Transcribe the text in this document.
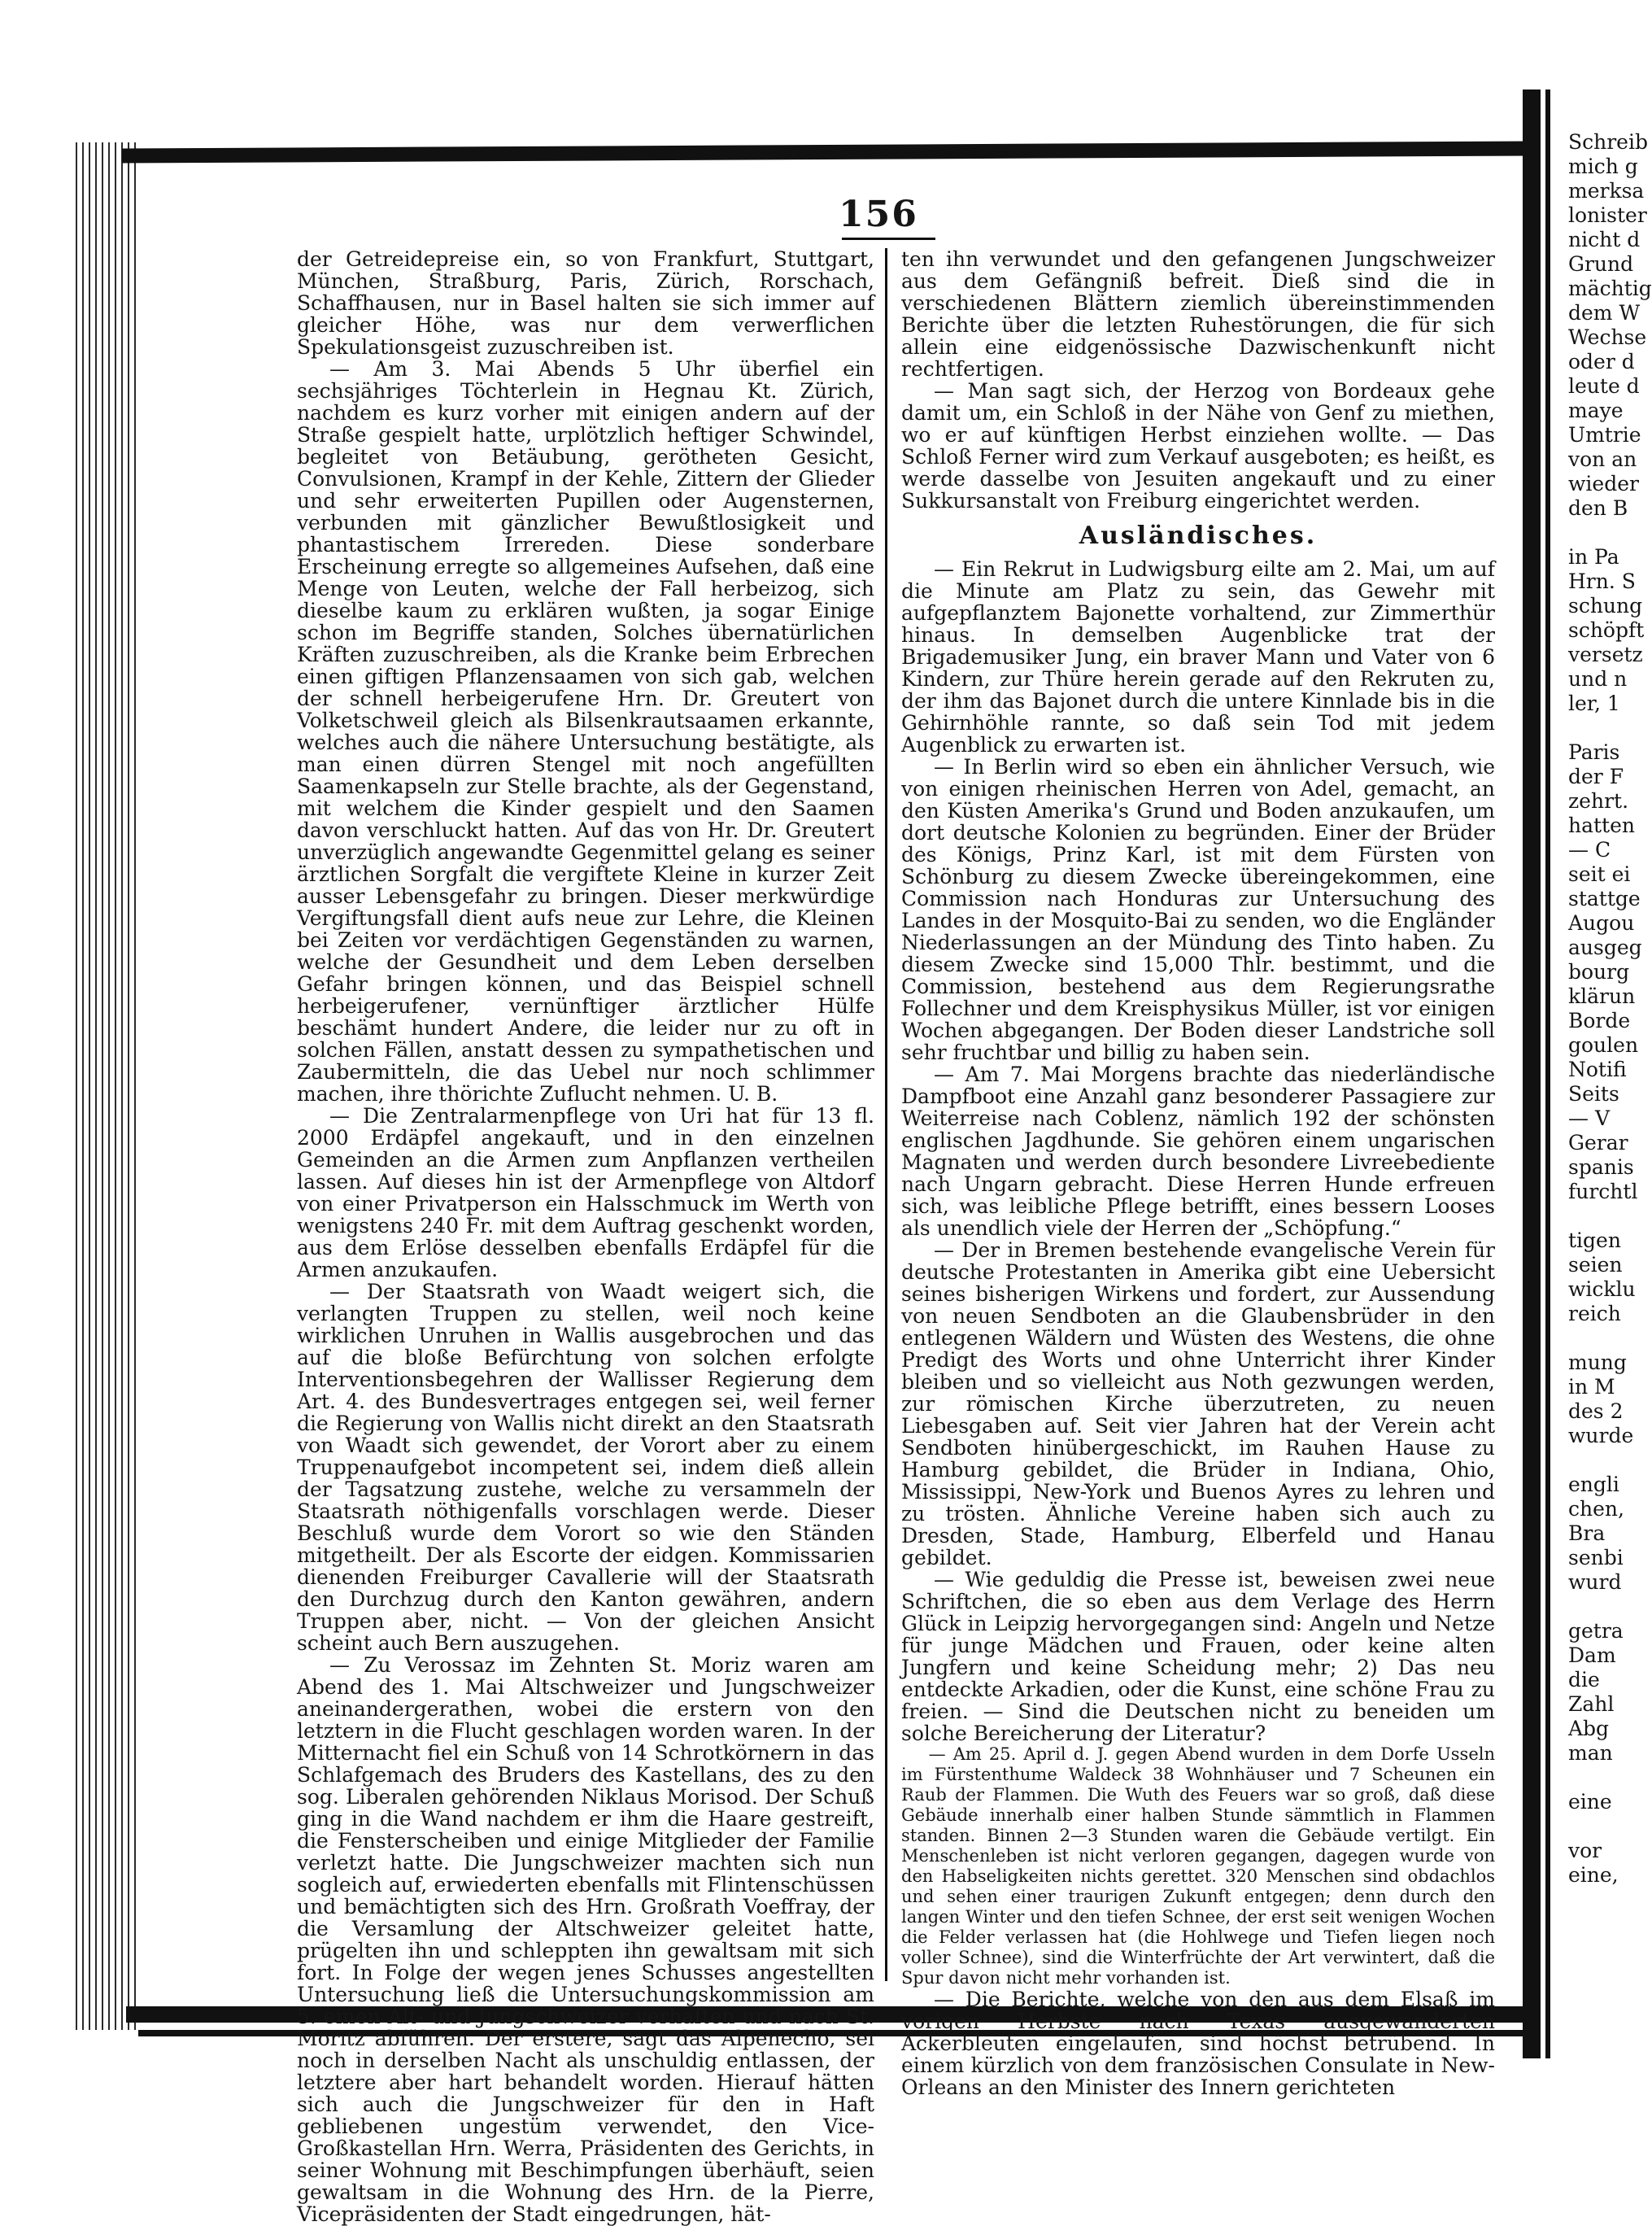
Schreib
mich g
merksa
lonister
nicht d
Grund
mächtig
dem W
Wechse
oder d
leute d
maye
Umtrie
von an
wieder
den B

in Pa
Hrn. S
schung
schöpft
versetz
und n
ler, 1

Paris
der F
zehrt.
hatten
— C
seit ei
stattge
Augou
ausgeg
bourg
klärun
Borde
goulen
Notifi
Seits
— V
Gerar
spanis
furchtl

tigen
seien
wicklu
reich

mung
in M
des 2
wurde

engli
chen,
Bra
senbi
wurd

getra
Dam
die
Zahl
Abg
man

eine

vor
eine,
156

der Getreidepreise ein, so von Frankfurt, Stuttgart, München, Straßburg, Paris, Zürich, Rorschach, Schaffhausen, nur in Basel halten sie sich immer auf gleicher Höhe, was nur dem verwerflichen Spekulationsgeist zuzuschreiben ist.

— Am 3. Mai Abends 5 Uhr überfiel ein sechsjähriges Töchterlein in Hegnau Kt. Zürich, nachdem es kurz vorher mit einigen andern auf der Straße gespielt hatte, urplötzlich heftiger Schwindel, begleitet von Betäubung, gerötheten Gesicht, Convulsionen, Krampf in der Kehle, Zittern der Glieder und sehr erweiterten Pupillen oder Augensternen, verbunden mit gänzlicher Bewußtlosigkeit und phantastischem Irrereden. Diese sonderbare Erscheinung erregte so allgemeines Aufsehen, daß eine Menge von Leuten, welche der Fall herbeizog, sich dieselbe kaum zu erklären wußten, ja sogar Einige schon im Begriffe standen, Solches übernatürlichen Kräften zuzuschreiben, als die Kranke beim Erbrechen einen giftigen Pflanzensaamen von sich gab, welchen der schnell herbeigerufene Hrn. Dr. Greutert von Volketschweil gleich als Bilsenkrautsaamen erkannte, welches auch die nähere Untersuchung bestätigte, als man einen dürren Stengel mit noch angefüllten Saamenkapseln zur Stelle brachte, als der Gegenstand, mit welchem die Kinder gespielt und den Saamen davon verschluckt hatten. Auf das von Hr. Dr. Greutert unverzüglich angewandte Gegenmittel gelang es seiner ärztlichen Sorgfalt die vergiftete Kleine in kurzer Zeit ausser Lebensgefahr zu bringen. Dieser merkwürdige Vergiftungsfall dient aufs neue zur Lehre, die Kleinen bei Zeiten vor verdächtigen Gegenständen zu warnen, welche der Gesundheit und dem Leben derselben Gefahr bringen können, und das Beispiel schnell herbeigerufener, vernünftiger ärztlicher Hülfe beschämt hundert Andere, die leider nur zu oft in solchen Fällen, anstatt dessen zu sympathetischen und Zaubermitteln, die das Uebel nur noch schlimmer machen, ihre thörichte Zuflucht nehmen. U. B.

— Die Zentralarmenpflege von Uri hat für 13 fl. 2000 Erdäpfel angekauft, und in den einzelnen Gemeinden an die Armen zum Anpflanzen vertheilen lassen. Auf dieses hin ist der Armenpflege von Altdorf von einer Privatperson ein Halsschmuck im Werth von wenigstens 240 Fr. mit dem Auftrag geschenkt worden, aus dem Erlöse desselben ebenfalls Erdäpfel für die Armen anzukaufen.

— Der Staatsrath von Waadt weigert sich, die verlangten Truppen zu stellen, weil noch keine wirklichen Unruhen in Wallis ausgebrochen und das auf die bloße Befürchtung von solchen erfolgte Interventionsbegehren der Wallisser Regierung dem Art. 4. des Bundesvertrages entgegen sei, weil ferner die Regierung von Wallis nicht direkt an den Staatsrath von Waadt sich gewendet, der Vorort aber zu einem Truppenaufgebot incompetent sei, indem dieß allein der Tagsatzung zustehe, welche zu versammeln der Staatsrath nöthigenfalls vorschlagen werde. Dieser Beschluß wurde dem Vorort so wie den Ständen mitgetheilt. Der als Escorte der eidgen. Kommissarien dienenden Freiburger Cavallerie will der Staatsrath den Durchzug durch den Kanton gewähren, andern Truppen aber, nicht. — Von der gleichen Ansicht scheint auch Bern auszugehen.

— Zu Verossaz im Zehnten St. Moriz waren am Abend des 1. Mai Altschweizer und Jungschweizer aneinandergerathen, wobei die erstern von den letztern in die Flucht geschlagen worden waren. In der Mitternacht fiel ein Schuß von 14 Schrotkörnern in das Schlafgemach des Bruders des Kastellans, des zu den sog. Liberalen gehörenden Niklaus Morisod. Der Schuß ging in die Wand nachdem er ihm die Haare gestreift, die Fensterscheiben und einige Mitglieder der Familie verletzt hatte. Die Jungschweizer machten sich nun sogleich auf, erwiederten ebenfalls mit Flintenschüssen und bemächtigten sich des Hrn. Großrath Voeffray, der die Versamlung der Altschweizer geleitet hatte, prügelten ihn und schleppten ihn gewaltsam mit sich fort. In Folge der wegen jenes Schusses angestellten Untersuchung ließ die Untersuchungskommission am 5. einen Alt- und Jungschweizer verhaften und nach St. Moritz abführen. Der erstere, sagt das Alpenecho, sei noch in derselben Nacht als unschuldig entlassen, der letztere aber hart behandelt worden. Hierauf hätten sich auch die Jungschweizer für den in Haft gebliebenen ungestüm verwendet, den Vice-Großkastellan Hrn. Werra, Präsidenten des Gerichts, in seiner Wohnung mit Beschimpfungen überhäuft, seien gewaltsam in die Wohnung des Hrn. de la Pierre, Vicepräsidenten der Stadt eingedrungen, hät-

ten ihn verwundet und den gefangenen Jungschweizer aus dem Gefängniß befreit. Dieß sind die in verschiedenen Blättern ziemlich übereinstimmenden Berichte über die letzten Ruhestörungen, die für sich allein eine eidgenössische Dazwischenkunft nicht rechtfertigen.

— Man sagt sich, der Herzog von Bordeaux gehe damit um, ein Schloß in der Nähe von Genf zu miethen, wo er auf künftigen Herbst einziehen wollte. — Das Schloß Ferner wird zum Verkauf ausgeboten; es heißt, es werde dasselbe von Jesuiten angekauft und zu einer Sukkursanstalt von Freiburg eingerichtet werden.

Ausländisches.

— Ein Rekrut in Ludwigsburg eilte am 2. Mai, um auf die Minute am Platz zu sein, das Gewehr mit aufgepflanztem Bajonette vorhaltend, zur Zimmerthür hinaus. In demselben Augenblicke trat der Brigademusiker Jung, ein braver Mann und Vater von 6 Kindern, zur Thüre herein gerade auf den Rekruten zu, der ihm das Bajonet durch die untere Kinnlade bis in die Gehirnhöhle rannte, so daß sein Tod mit jedem Augenblick zu erwarten ist.

— In Berlin wird so eben ein ähnlicher Versuch, wie von einigen rheinischen Herren von Adel, gemacht, an den Küsten Amerika's Grund und Boden anzukaufen, um dort deutsche Kolonien zu begründen. Einer der Brüder des Königs, Prinz Karl, ist mit dem Fürsten von Schönburg zu diesem Zwecke übereingekommen, eine Commission nach Honduras zur Untersuchung des Landes in der Mosquito-Bai zu senden, wo die Engländer Niederlassungen an der Mündung des Tinto haben. Zu diesem Zwecke sind 15,000 Thlr. bestimmt, und die Commission, bestehend aus dem Regierungsrathe Follechner und dem Kreisphysikus Müller, ist vor einigen Wochen abgegangen. Der Boden dieser Landstriche soll sehr fruchtbar und billig zu haben sein.

— Am 7. Mai Morgens brachte das niederländische Dampfboot eine Anzahl ganz besonderer Passagiere zur Weiterreise nach Coblenz, nämlich 192 der schönsten englischen Jagdhunde. Sie gehören einem ungarischen Magnaten und werden durch besondere Livreebediente nach Ungarn gebracht. Diese Herren Hunde erfreuen sich, was leibliche Pflege betrifft, eines bessern Looses als unendlich viele der Herren der „Schöpfung.“

— Der in Bremen bestehende evangelische Verein für deutsche Protestanten in Amerika gibt eine Uebersicht seines bisherigen Wirkens und fordert, zur Aussendung von neuen Sendboten an die Glaubensbrüder in den entlegenen Wäldern und Wüsten des Westens, die ohne Predigt des Worts und ohne Unterricht ihrer Kinder bleiben und so vielleicht aus Noth gezwungen werden, zur römischen Kirche überzutreten, zu neuen Liebesgaben auf. Seit vier Jahren hat der Verein acht Sendboten hinübergeschickt, im Rauhen Hause zu Hamburg gebildet, die Brüder in Indiana, Ohio, Mississippi, New-York und Buenos Ayres zu lehren und zu trösten. Ähnliche Vereine haben sich auch zu Dresden, Stade, Hamburg, Elberfeld und Hanau gebildet.

— Wie geduldig die Presse ist, beweisen zwei neue Schriftchen, die so eben aus dem Verlage des Herrn Glück in Leipzig hervorgegangen sind: Angeln und Netze für junge Mädchen und Frauen, oder keine alten Jungfern und keine Scheidung mehr; 2) Das neu entdeckte Arkadien, oder die Kunst, eine schöne Frau zu freien. — Sind die Deutschen nicht zu beneiden um solche Bereicherung der Literatur?

— Am 25. April d. J. gegen Abend wurden in dem Dorfe Usseln im Fürstenthume Waldeck 38 Wohnhäuser und 7 Scheunen ein Raub der Flammen. Die Wuth des Feuers war so groß, daß diese Gebäude innerhalb einer halben Stunde sämmtlich in Flammen standen. Binnen 2—3 Stunden waren die Gebäude vertilgt. Ein Menschenleben ist nicht verloren gegangen, dagegen wurde von den Habseligkeiten nichts gerettet. 320 Menschen sind obdachlos und sehen einer traurigen Zukunft entgegen; denn durch den langen Winter und den tiefen Schnee, der erst seit wenigen Wochen die Felder verlassen hat (die Hohlwege und Tiefen liegen noch voller Schnee), sind die Winterfrüchte der Art verwintert, daß die Spur davon nicht mehr vorhanden ist.

— Die Berichte, welche von den aus dem Elsaß im vorigen Herbste nach Texas ausgewanderten Ackerbleuten eingelaufen, sind höchst betrübend. In einem kürzlich von dem französischen Consulate in New-Orleans an den Minister des Innern gerichteten
